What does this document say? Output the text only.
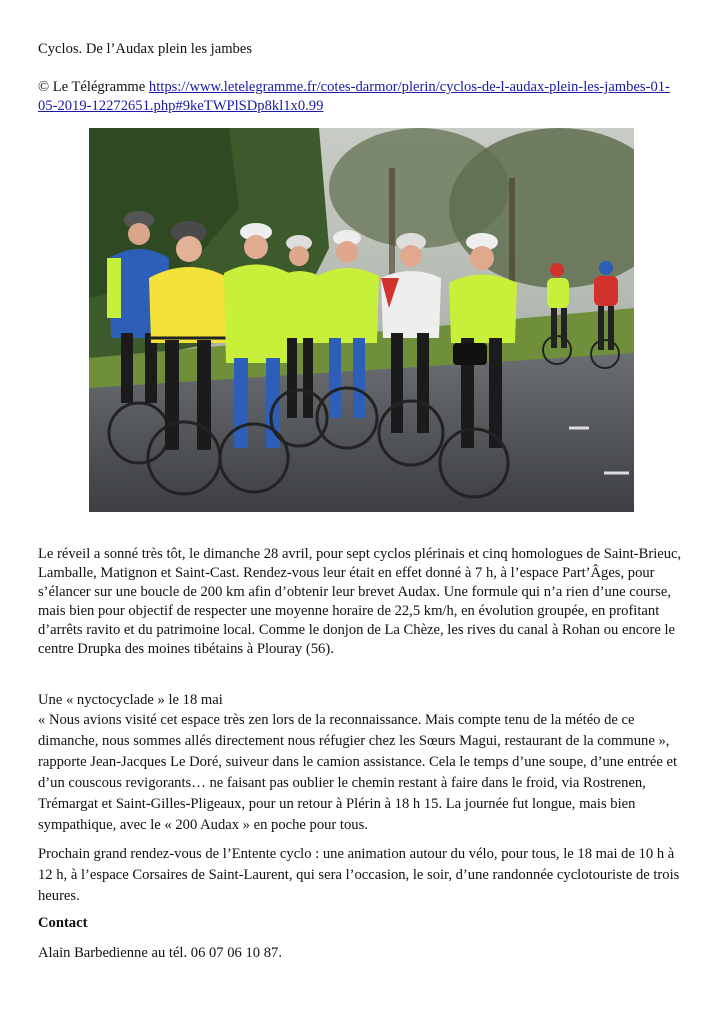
Cyclos. De l’Audax plein les jambes

© Le Télégramme https://www.letelegramme.fr/cotes-darmor/plerin/cyclos-de-l-audax-plein-les-jambes-01-05-2019-12272651.php#9keTWPlSDp8kl1x0.99

Le réveil a sonné très tôt, le dimanche 28 avril, pour sept cyclos plérinais et cinq homologues de Saint-Brieuc, Lamballe, Matignon et Saint-Cast. Rendez-vous leur était en effet donné à 7 h, à l’espace Part’Âges, pour s’élancer sur une boucle de 200 km afin d’obtenir leur brevet Audax. Une formule qui n’a rien d’une course, mais bien pour objectif de respecter une moyenne horaire de 22,5 km/h, en évolution groupée, en profitant d’arrêts ravito et du patrimoine local. Comme le donjon de La Chèze, les rives du canal à Rohan ou encore le centre Drupka des moines tibétains à Plouray (56).

Une « nyctocyclade » le 18 mai

« Nous avions visité cet espace très zen lors de la reconnaissance. Mais compte tenu de la météo de ce dimanche, nous sommes allés directement nous réfugier chez les Sœurs Magui, restaurant de la commune », rapporte Jean-Jacques Le Doré, suiveur dans le camion assistance. Cela le temps d’une soupe, d’une entrée et d’un couscous revigorants… ne faisant pas oublier le chemin restant à faire dans le froid, via Rostrenen, Trémargat et Saint-Gilles-Pligeaux, pour un retour à Plérin à 18 h 15. La journée fut longue, mais bien sympathique, avec le « 200 Audax » en poche pour tous.

Prochain grand rendez-vous de l’Entente cyclo : une animation autour du vélo, pour tous, le 18 mai de 10 h à 12 h, à l’espace Corsaires de Saint-Laurent, qui sera l’occasion, le soir, d’une randonnée cyclotouriste de trois heures.

Contact

Alain Barbedienne au tél. 06 07 06 10 87.
